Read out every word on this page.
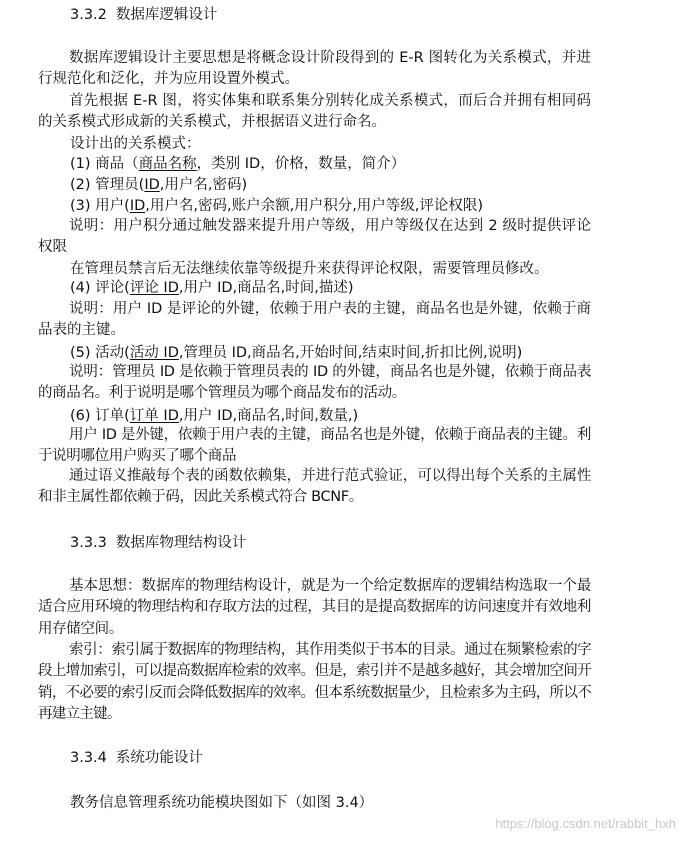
3.3.2 数据库逻辑设计
数据库逻辑设计主要思想是将概念设计阶段得到的 E-R 图转化为关系模式，并进行规范化和泛化，并为应用设置外模式。
首先根据 E-R 图，将实体集和联系集分别转化成关系模式，而后合并拥有相同码的关系模式形成新的关系模式，并根据语义进行命名。
设计出的关系模式：
(1) 商品（商品名称，类别 ID，价格，数量，简介）
(2) 管理员(ID,用户名,密码)
(3) 用户(ID,用户名,密码,账户余额,用户积分,用户等级,评论权限)
说明：用户积分通过触发器来提升用户等级，用户等级仅在达到 2 级时提供评论权限
在管理员禁言后无法继续依靠等级提升来获得评论权限，需要管理员修改。
(4) 评论(评论 ID,用户 ID,商品名,时间,描述)
说明：用户 ID 是评论的外键，依赖于用户表的主键，商品名也是外键，依赖于商品表的主键。
(5) 活动(活动 ID,管理员 ID,商品名,开始时间,结束时间,折扣比例,说明)
说明：管理员 ID 是依赖于管理员表的 ID 的外键，商品名也是外键，依赖于商品表的商品名。利于说明是哪个管理员为哪个商品发布的活动。
(6) 订单(订单 ID,用户 ID,商品名,时间,数量,)
用户 ID 是外键，依赖于用户表的主键，商品名也是外键，依赖于商品表的主键。利于说明哪位用户购买了哪个商品
通过语义推敲每个表的函数依赖集，并进行范式验证，可以得出每个关系的主属性和非主属性都依赖于码，因此关系模式符合 BCNF。
3.3.3 数据库物理结构设计
基本思想：数据库的物理结构设计，就是为一个给定数据库的逻辑结构选取一个最适合应用环境的物理结构和存取方法的过程，其目的是提高数据库的访问速度并有效地利用存储空间。
索引：索引属于数据库的物理结构，其作用类似于书本的目录。通过在频繁检索的字段上增加索引，可以提高数据库检索的效率。但是，索引并不是越多越好，其会增加空间开销，不必要的索引反而会降低数据库的效率。但本系统数据量少，且检索多为主码，所以不再建立主键。
3.3.4 系统功能设计
教务信息管理系统功能模块图如下（如图 3.4）
https://blog.csdn.net/rabbit_hxh
